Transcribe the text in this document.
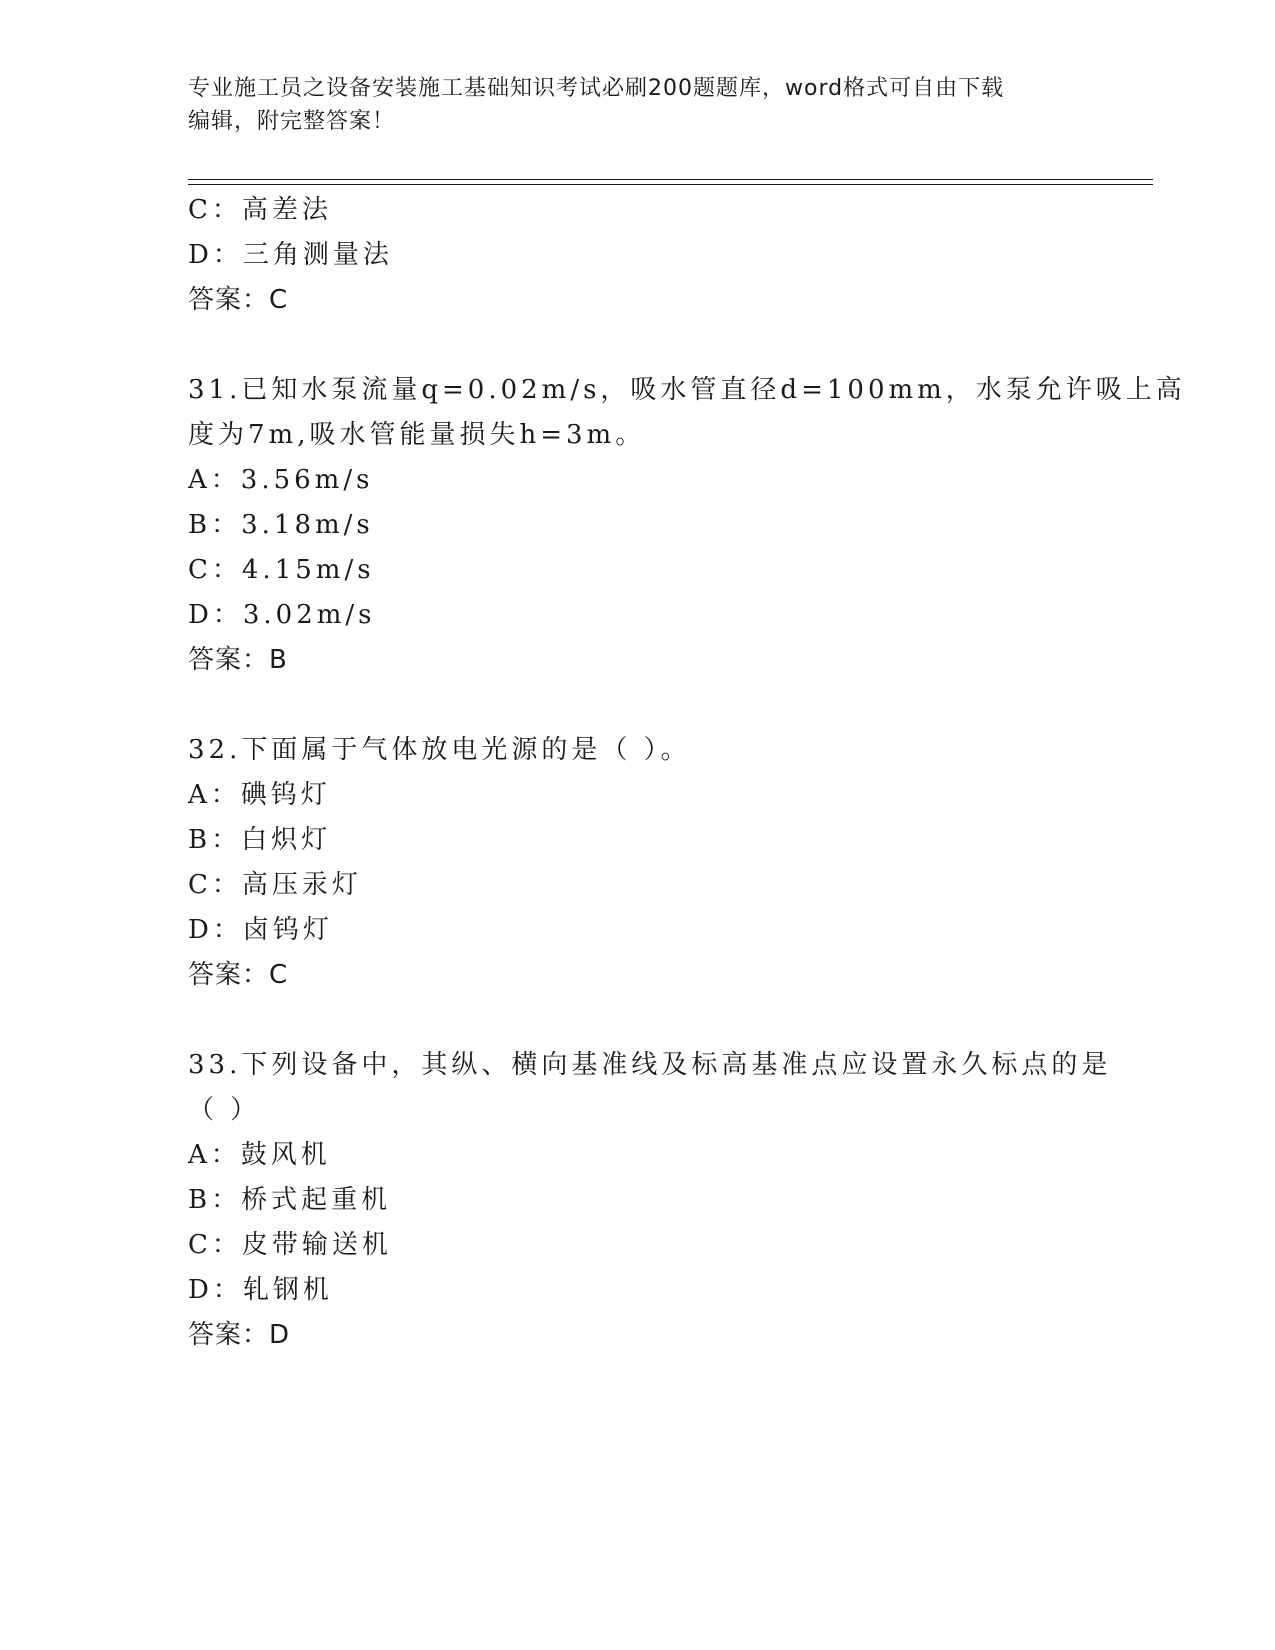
专业施工员之设备安装施工基础知识考试必刷200题题库，word格式可自由下载
编辑，附完整答案！
C：高差法
D：三角测量法
答案：C
31.已知水泵流量q=0.02m/s，吸水管直径d=100mm，水泵允许吸上高
度为7m,吸水管能量损失h=3m。
A：3.56m/s
B：3.18m/s
C：4.15m/s
D：3.02m/s
答案：B
32.下面属于气体放电光源的是（ ）。
A：碘钨灯
B：白炽灯
C：高压汞灯
D：卤钨灯
答案：C
33.下列设备中，其纵、横向基准线及标高基准点应设置永久标点的是
（ ）
A：鼓风机
B：桥式起重机
C：皮带输送机
D：轧钢机
答案：D
